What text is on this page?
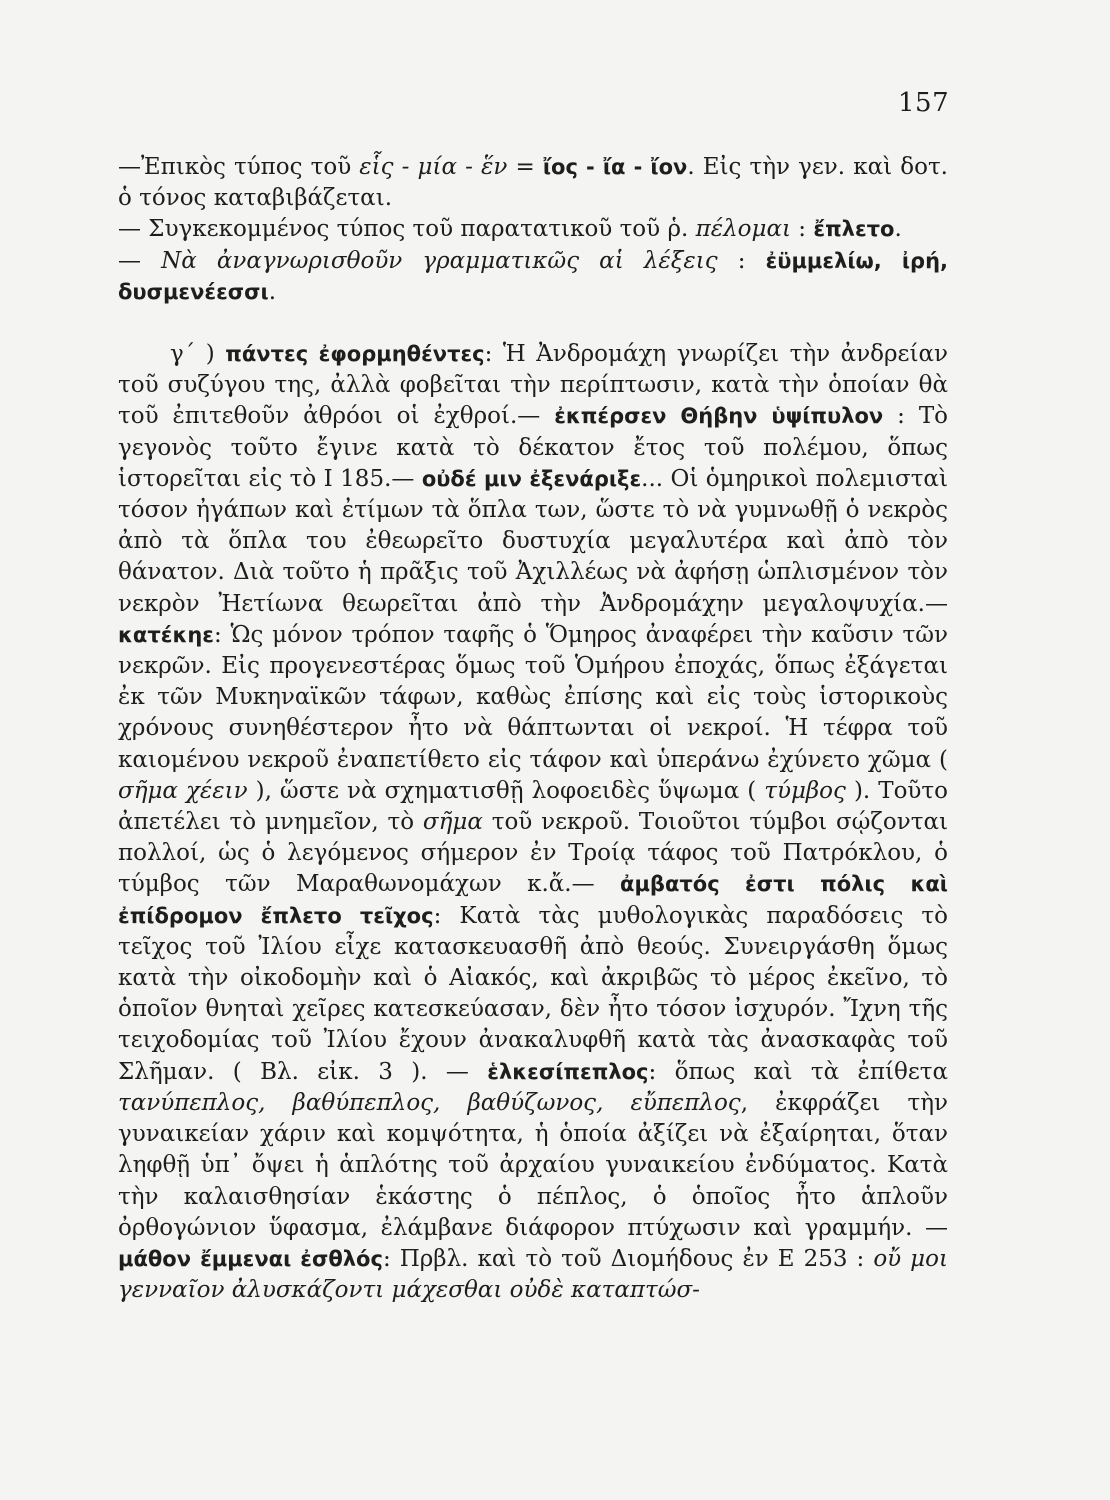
157

—Ἐπικὸς τύπος τοῦ εἷς - μία - ἕν = ἴος - ἴα - ἴον. Εἰς τὴν γεν. καὶ δοτ. ὁ τόνος καταβιβάζεται.

— Συγκεκομμένος τύπος τοῦ παρατατικοῦ τοῦ ῥ. πέλομαι : ἔπλετο.

— Νὰ ἀναγνωρισθοῦν γραμματικῶς αἱ λέξεις : ἐϋμμελίω, ἰρή, δυσμενέεσσι.

γ΄ ) πάντες ἐφορμηθέντες: Ἡ Ἀνδρομάχη γνωρίζει τὴν ἀνδρείαν τοῦ συζύγου της, ἀλλὰ φοβεῖται τὴν περίπτωσιν, κατὰ τὴν ὁποίαν θὰ τοῦ ἐπιτεθοῦν ἀθρόοι οἱ ἐχθροί.— ἐκπέρσεν Θήβην ὑψίπυλον : Τὸ γεγονὸς τοῦτο ἔγινε κατὰ τὸ δέκατον ἔτος τοῦ πολέμου, ὅπως ἱστορεῖται εἰς τὸ Ι 185.— οὐδέ μιν ἐξενάριξε... Οἱ ὁμηρικοὶ πολεμισταὶ τόσον ἠγάπων καὶ ἐτίμων τὰ ὅπλα των, ὥστε τὸ νὰ γυμνωθῇ ὁ νεκρὸς ἀπὸ τὰ ὅπλα του ἐθεωρεῖτο δυστυχία μεγαλυτέρα καὶ ἀπὸ τὸν θάνατον. Διὰ τοῦτο ἡ πρᾶξις τοῦ Ἀχιλλέως νὰ ἀφήσῃ ὡπλισμένον τὸν νεκρὸν Ἠετίωνα θεωρεῖται ἀπὸ τὴν Ἀνδρομάχην μεγαλοψυχία.— κατέκηε: Ὡς μόνον τρόπον ταφῆς ὁ Ὅμηρος ἀναφέρει τὴν καῦσιν τῶν νεκρῶν. Εἰς προγενεστέρας ὅμως τοῦ Ὁμήρου ἐποχάς, ὅπως ἐξάγεται ἐκ τῶν Μυκηναϊκῶν τάφων, καθὼς ἐπίσης καὶ εἰς τοὺς ἱστορικοὺς χρόνους συνηθέστερον ἦτο νὰ θάπτωνται οἱ νεκροί. Ἡ τέφρα τοῦ καιομένου νεκροῦ ἐναπετίθετο εἰς τάφον καὶ ὑπεράνω ἐχύνετο χῶμα ( σῆμα χέειν ), ὥστε νὰ σχηματισθῇ λοφοειδὲς ὕψωμα ( τύμβος ). Τοῦτο ἀπετέλει τὸ μνημεῖον, τὸ σῆμα τοῦ νεκροῦ. Τοιοῦτοι τύμβοι σῴζονται πολλοί, ὡς ὁ λεγόμενος σήμερον ἐν Τροίᾳ τάφος τοῦ Πατρόκλου, ὁ τύμβος τῶν Μαραθωνομάχων κ.ἄ.— ἀμβατός ἐστι πόλις καὶ ἐπίδρομον ἔπλετο τεῖχος: Κατὰ τὰς μυθολογικὰς παραδόσεις τὸ τεῖχος τοῦ Ἰλίου εἶχε κατασκευασθῆ ἀπὸ θεούς. Συνειργάσθη ὅμως κατὰ τὴν οἰκοδομὴν καὶ ὁ Αἰακός, καὶ ἀκριβῶς τὸ μέρος ἐκεῖνο, τὸ ὁποῖον θνηταὶ χεῖρες κατεσκεύασαν, δὲν ἦτο τόσον ἰσχυρόν. Ἴχνη τῆς τειχοδομίας τοῦ Ἰλίου ἔχουν ἀνακαλυφθῆ κατὰ τὰς ἀνασκαφὰς τοῦ Σλῆμαν. ( Βλ. εἰκ. 3 ). — ἑλκεσίπεπλος: ὅπως καὶ τὰ ἐπίθετα τανύπεπλος, βαθύπεπλος, βαθύζωνος, εὔπεπλος, ἐκφράζει τὴν γυναικείαν χάριν καὶ κομψότητα, ἡ ὁποία ἀξίζει νὰ ἐξαίρηται, ὅταν ληφθῇ ὑπ᾿ ὄψει ἡ ἁπλότης τοῦ ἀρχαίου γυναικείου ἐνδύματος. Κατὰ τὴν καλαισθησίαν ἑκάστης ὁ πέπλος, ὁ ὁποῖος ἦτο ἁπλοῦν ὀρθογώνιον ὕφασμα, ἐλάμβανε διάφορον πτύχωσιν καὶ γραμμήν. — μάθον ἔμμεναι ἐσθλός: Πρβλ. καὶ τὸ τοῦ Διομήδους ἐν Ε 253 : οὔ μοι γενναῖον ἀλυσκάζοντι μάχεσθαι οὐδὲ καταπτώσ-
